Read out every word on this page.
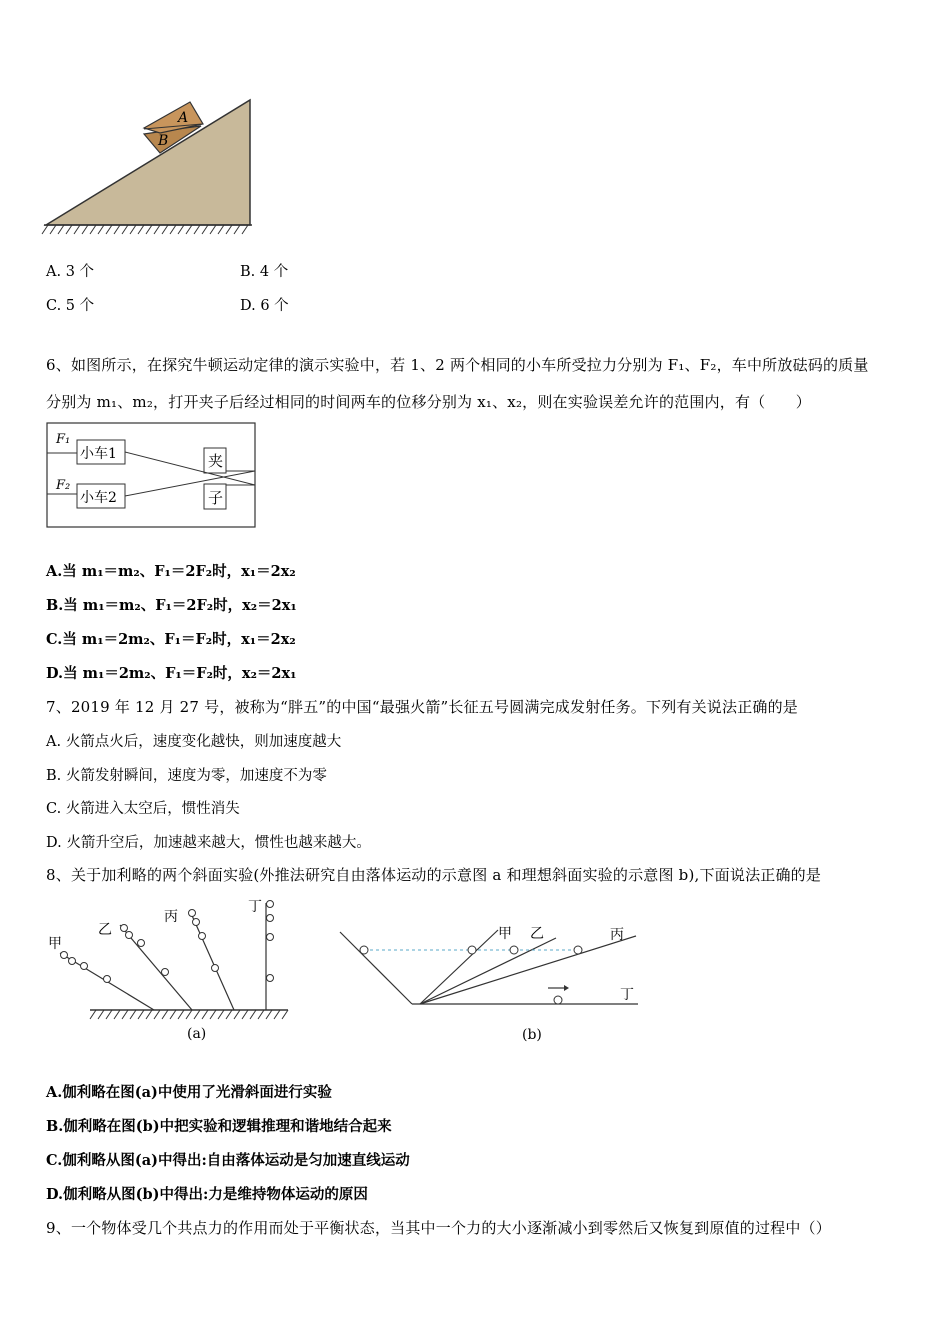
A
B
A. 3 个	B. 4 个
C. 5 个	D. 6 个
6、如图所示，在探究牛顿运动定律的演示实验中，若 1、2 两个相同的小车所受拉力分别为 F₁、F₂，车中所放砝码的质量
分别为 m₁、m₂，打开夹子后经过相同的时间两车的位移分别为 x₁、x₂，则在实验误差允许的范围内，有（　　）
小车1
小车2
F₁
F₂
夹
子
A.当 m₁＝m₂、F₁＝2F₂时，x₁＝2x₂
B.当 m₁＝m₂、F₁＝2F₂时，x₂＝2x₁
C.当 m₁＝2m₂、F₁＝F₂时，x₁＝2x₂
D.当 m₁＝2m₂、F₁＝F₂时，x₂＝2x₁
7、2019 年 12 月 27 号，被称为“胖五”的中国“最强火箭”长征五号圆满完成发射任务。下列有关说法正确的是
A. 火箭点火后，速度变化越快，则加速度越大
B. 火箭发射瞬间，速度为零，加速度不为零
C. 火箭进入太空后，惯性消失
D. 火箭升空后，加速越来越大，惯性也越来越大。
8、关于加利略的两个斜面实验(外推法研究自由落体运动的示意图 a 和理想斜面实验的示意图 b),下面说法正确的是
甲
乙
丙
丁
(a)
甲 乙	丙
丁
(b)
A.伽利略在图(a)中使用了光滑斜面进行实验
B.伽利略在图(b)中把实验和逻辑推理和谐地结合起来
C.伽利略从图(a)中得出:自由落体运动是匀加速直线运动
D.伽利略从图(b)中得出:力是维持物体运动的原因
9、一个物体受几个共点力的作用而处于平衡状态，当其中一个力的大小逐渐减小到零然后又恢复到原值的过程中（）
